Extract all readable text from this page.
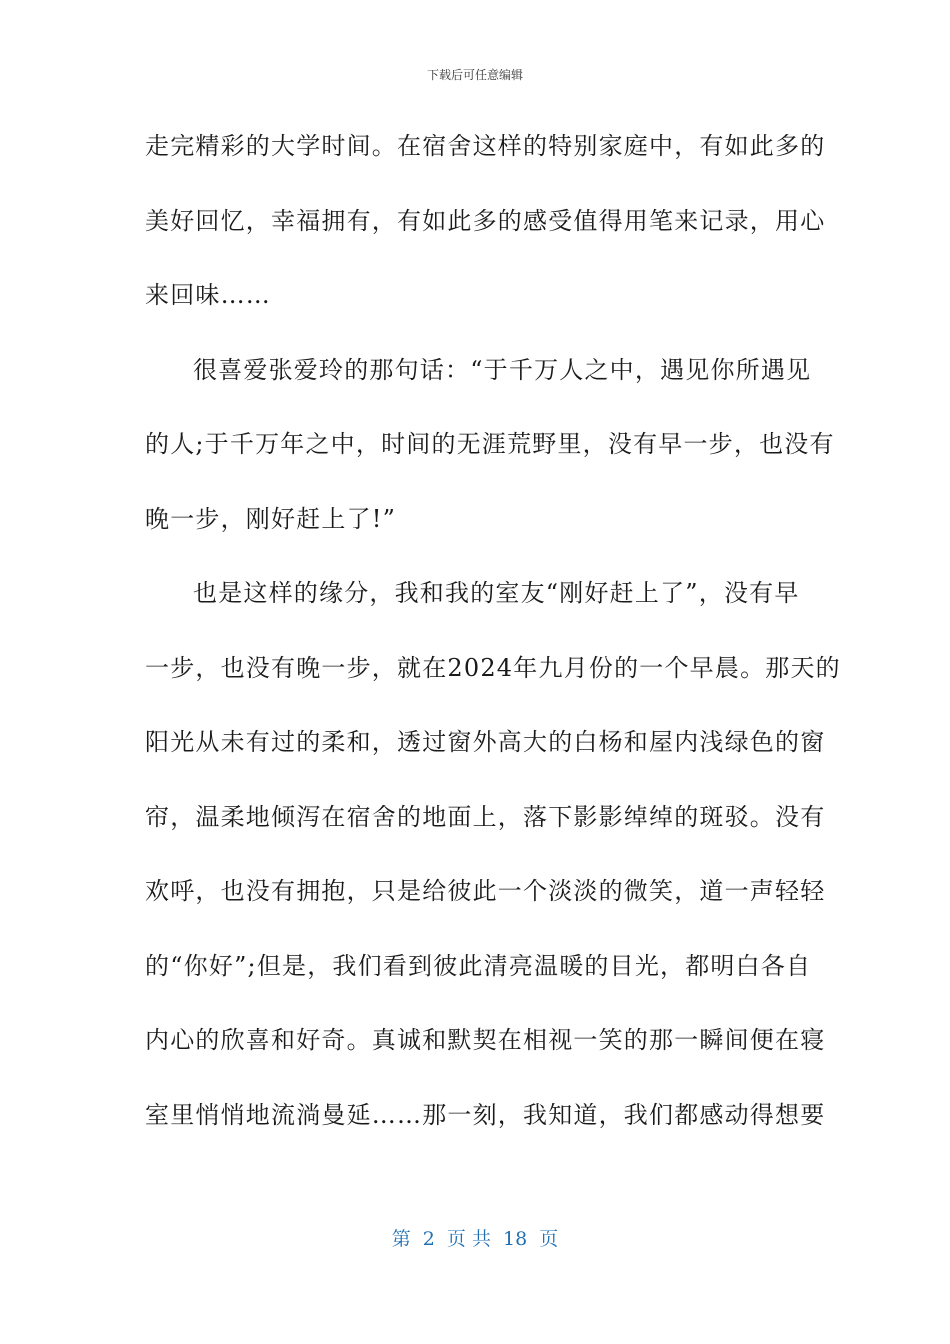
下载后可任意编辑
走完精彩的大学时间。在宿舍这样的特别家庭中，有如此多的
美好回忆，幸福拥有，有如此多的感受值得用笔来记录，用心
来回味……
很喜爱张爱玲的那句话：“于千万人之中，遇见你所遇见
的人;于千万年之中，时间的无涯荒野里，没有早一步，也没有
晚一步，刚好赶上了!”
也是这样的缘分，我和我的室友“刚好赶上了”，没有早
一步，也没有晚一步，就在2024年九月份的一个早晨。那天的
阳光从未有过的柔和，透过窗外高大的白杨和屋内浅绿色的窗
帘，温柔地倾泻在宿舍的地面上，落下影影绰绰的斑驳。没有
欢呼，也没有拥抱，只是给彼此一个淡淡的微笑，道一声轻轻
的“你好”;但是，我们看到彼此清亮温暖的目光，都明白各自
内心的欣喜和好奇。真诚和默契在相视一笑的那一瞬间便在寝
室里悄悄地流淌曼延……那一刻，我知道，我们都感动得想要
第  2  页 共  18  页
